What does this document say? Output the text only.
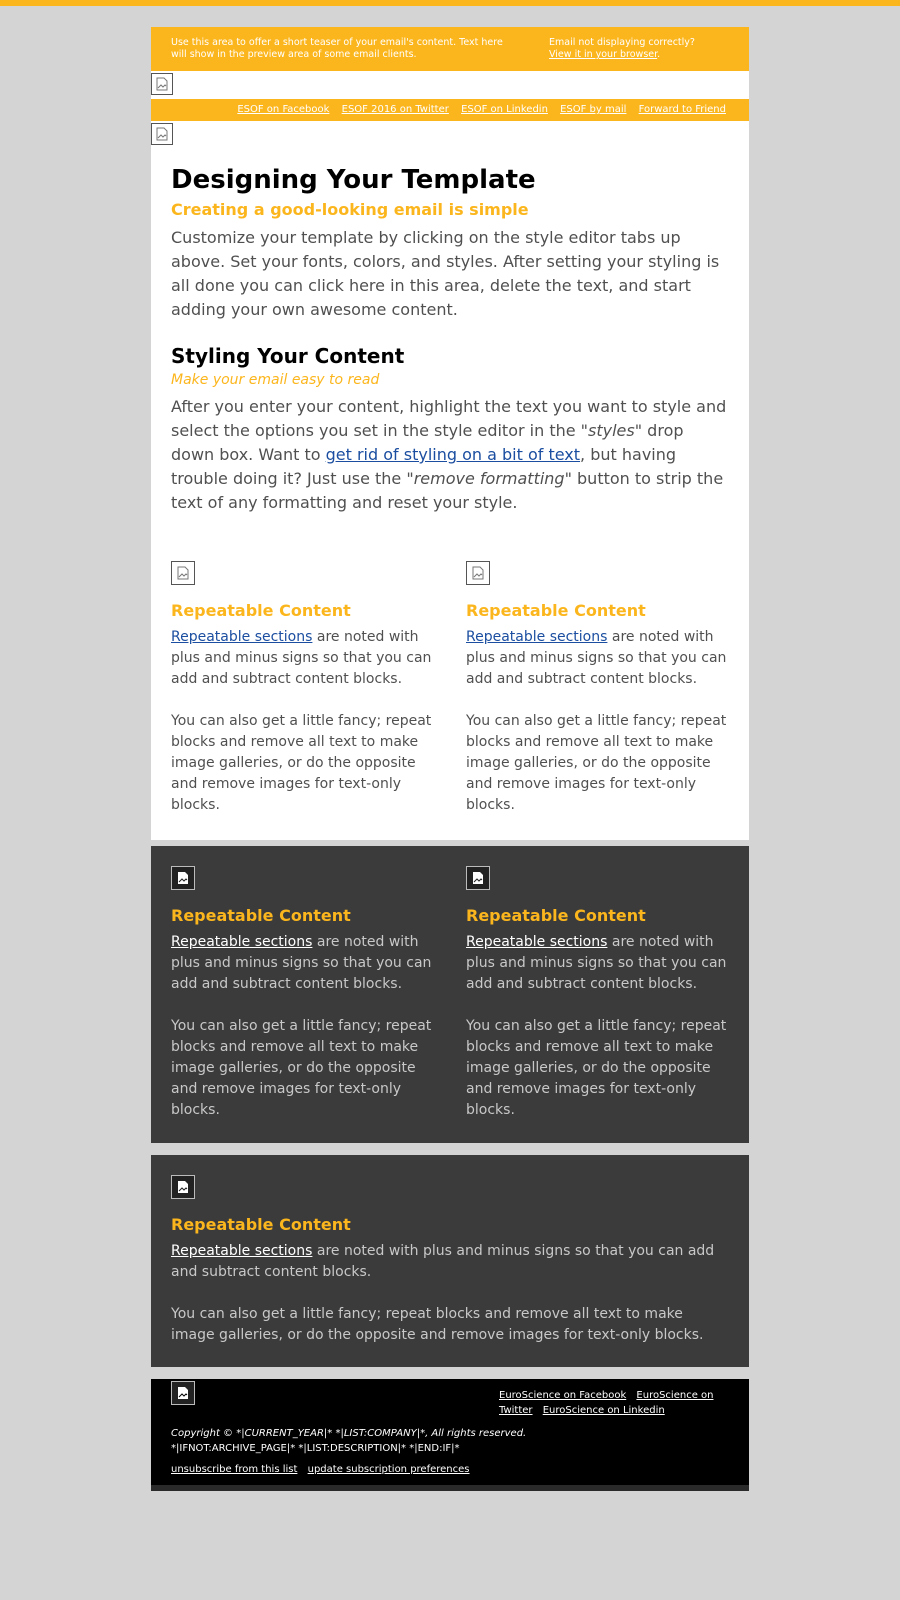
Use this area to offer a short teaser of your email's content. Text here will show in the preview area of some email clients.
Email not displaying correctly?
View it in your browser.
ESOF on Facebook ESOF 2016 on Twitter ESOF on Linkedin ESOF by mail Forward to Friend
Designing Your Template
Creating a good-looking email is simple

Customize your template by clicking on the style editor tabs up above. Set your fonts, colors, and styles. After setting your styling is all done you can click here in this area, delete the text, and start adding your own awesome content.

Styling Your Content
Make your email easy to read

After you enter your content, highlight the text you want to style and select the options you set in the style editor in the "styles" drop down box. Want to get rid of styling on a bit of text, but having trouble doing it? Just use the "remove formatting" button to strip the text of any formatting and reset your style.

Repeatable Content

Repeatable sections are noted with plus and minus signs so that you can add and subtract content blocks.

You can also get a little fancy; repeat blocks and remove all text to make image galleries, or do the opposite and remove images for text-only blocks.

Repeatable Content

Repeatable sections are noted with plus and minus signs so that you can add and subtract content blocks.

You can also get a little fancy; repeat blocks and remove all text to make image galleries, or do the opposite and remove images for text-only blocks.

Repeatable Content

Repeatable sections are noted with plus and minus signs so that you can add and subtract content blocks.

You can also get a little fancy; repeat blocks and remove all text to make image galleries, or do the opposite and remove images for text-only blocks.

Repeatable Content

Repeatable sections are noted with plus and minus signs so that you can add and subtract content blocks.

You can also get a little fancy; repeat blocks and remove all text to make image galleries, or do the opposite and remove images for text-only blocks.

Repeatable Content

Repeatable sections are noted with plus and minus signs so that you can add and subtract content blocks.

You can also get a little fancy; repeat blocks and remove all text to make image galleries, or do the opposite and remove images for text-only blocks.

EuroScience on Facebook EuroScience on Twitter EuroScience on Linkedin
Copyright © *|CURRENT_YEAR|* *|LIST:COMPANY|*, All rights reserved.
*|IFNOT:ARCHIVE_PAGE|* *|LIST:DESCRIPTION|* *|END:IF|*
unsubscribe from this list update subscription preferences
